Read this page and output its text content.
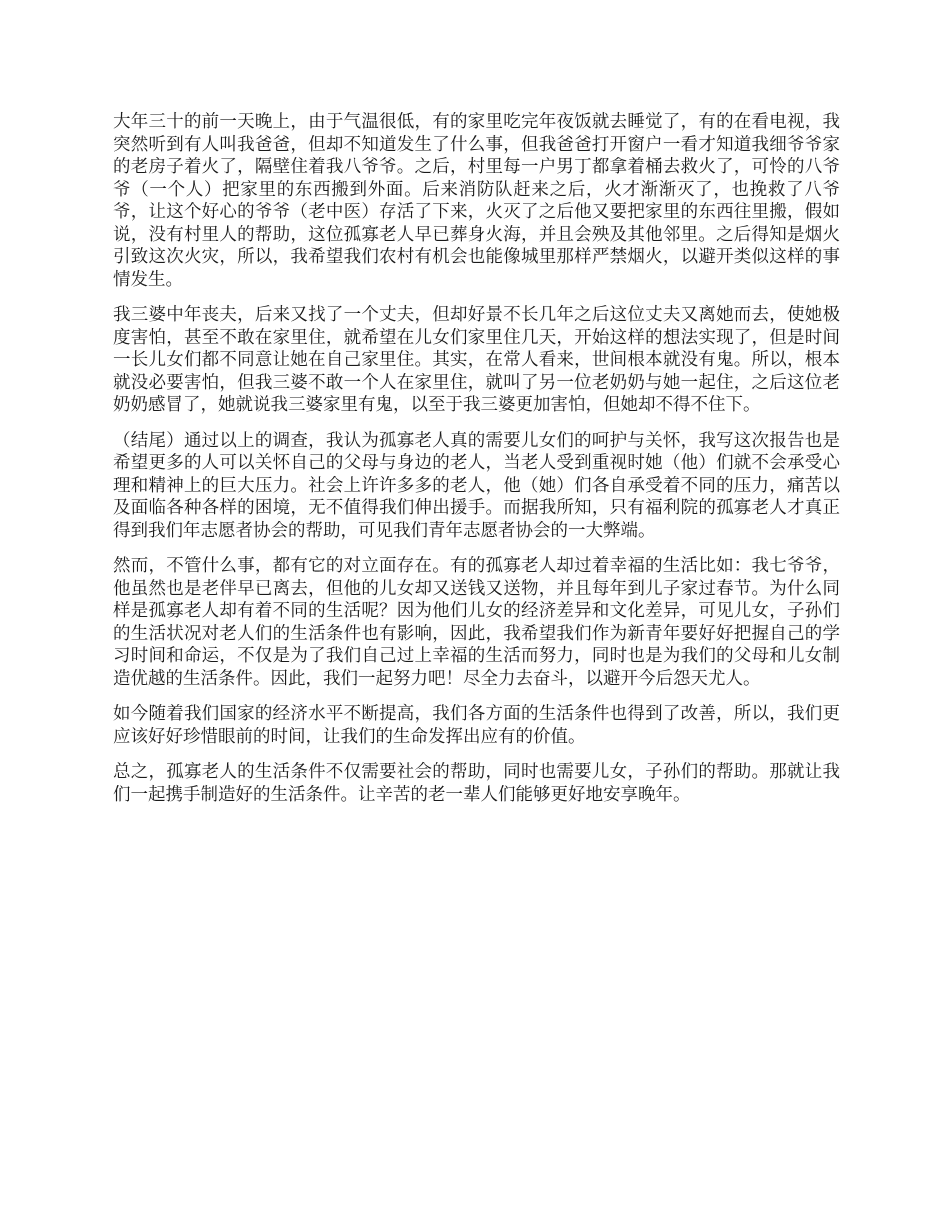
大年三十的前一天晚上，由于气温很低，有的家里吃完年夜饭就去睡觉了，有的在看电视，我突然听到有人叫我爸爸，但却不知道发生了什么事，但我爸爸打开窗户一看才知道我细爷爷家的老房子着火了，隔壁住着我八爷爷。之后，村里每一户男丁都拿着桶去救火了，可怜的八爷爷（一个人）把家里的东西搬到外面。后来消防队赶来之后，火才渐渐灭了，也挽救了八爷爷，让这个好心的爷爷（老中医）存活了下来，火灭了之后他又要把家里的东西往里搬，假如说，没有村里人的帮助，这位孤寡老人早已葬身火海，并且会殃及其他邻里。之后得知是烟火引致这次火灾，所以，我希望我们农村有机会也能像城里那样严禁烟火，以避开类似这样的事情发生。

我三婆中年丧夫，后来又找了一个丈夫，但却好景不长几年之后这位丈夫又离她而去，使她极度害怕，甚至不敢在家里住，就希望在儿女们家里住几天，开始这样的想法实现了，但是时间一长儿女们都不同意让她在自己家里住。其实，在常人看来，世间根本就没有鬼。所以，根本就没必要害怕，但我三婆不敢一个人在家里住，就叫了另一位老奶奶与她一起住，之后这位老奶奶感冒了，她就说我三婆家里有鬼，以至于我三婆更加害怕，但她却不得不住下。

（结尾）通过以上的调查，我认为孤寡老人真的需要儿女们的呵护与关怀，我写这次报告也是希望更多的人可以关怀自己的父母与身边的老人，当老人受到重视时她（他）们就不会承受心理和精神上的巨大压力。社会上许许多多的老人，他（她）们各自承受着不同的压力，痛苦以及面临各种各样的困境，无不值得我们伸出援手。而据我所知，只有福利院的孤寡老人才真正得到我们年志愿者协会的帮助，可见我们青年志愿者协会的一大弊端。

然而，不管什么事，都有它的对立面存在。有的孤寡老人却过着幸福的生活比如：我七爷爷，他虽然也是老伴早已离去，但他的儿女却又送钱又送物，并且每年到儿子家过春节。为什么同样是孤寡老人却有着不同的生活呢？因为他们儿女的经济差异和文化差异，可见儿女，子孙们的生活状况对老人们的生活条件也有影响，因此，我希望我们作为新青年要好好把握自己的学习时间和命运，不仅是为了我们自己过上幸福的生活而努力，同时也是为我们的父母和儿女制造优越的生活条件。因此，我们一起努力吧！尽全力去奋斗，以避开今后怨天尤人。

如今随着我们国家的经济水平不断提高，我们各方面的生活条件也得到了改善，所以，我们更应该好好珍惜眼前的时间，让我们的生命发挥出应有的价值。

总之，孤寡老人的生活条件不仅需要社会的帮助，同时也需要儿女，子孙们的帮助。那就让我们一起携手制造好的生活条件。让辛苦的老一辈人们能够更好地安享晚年。
